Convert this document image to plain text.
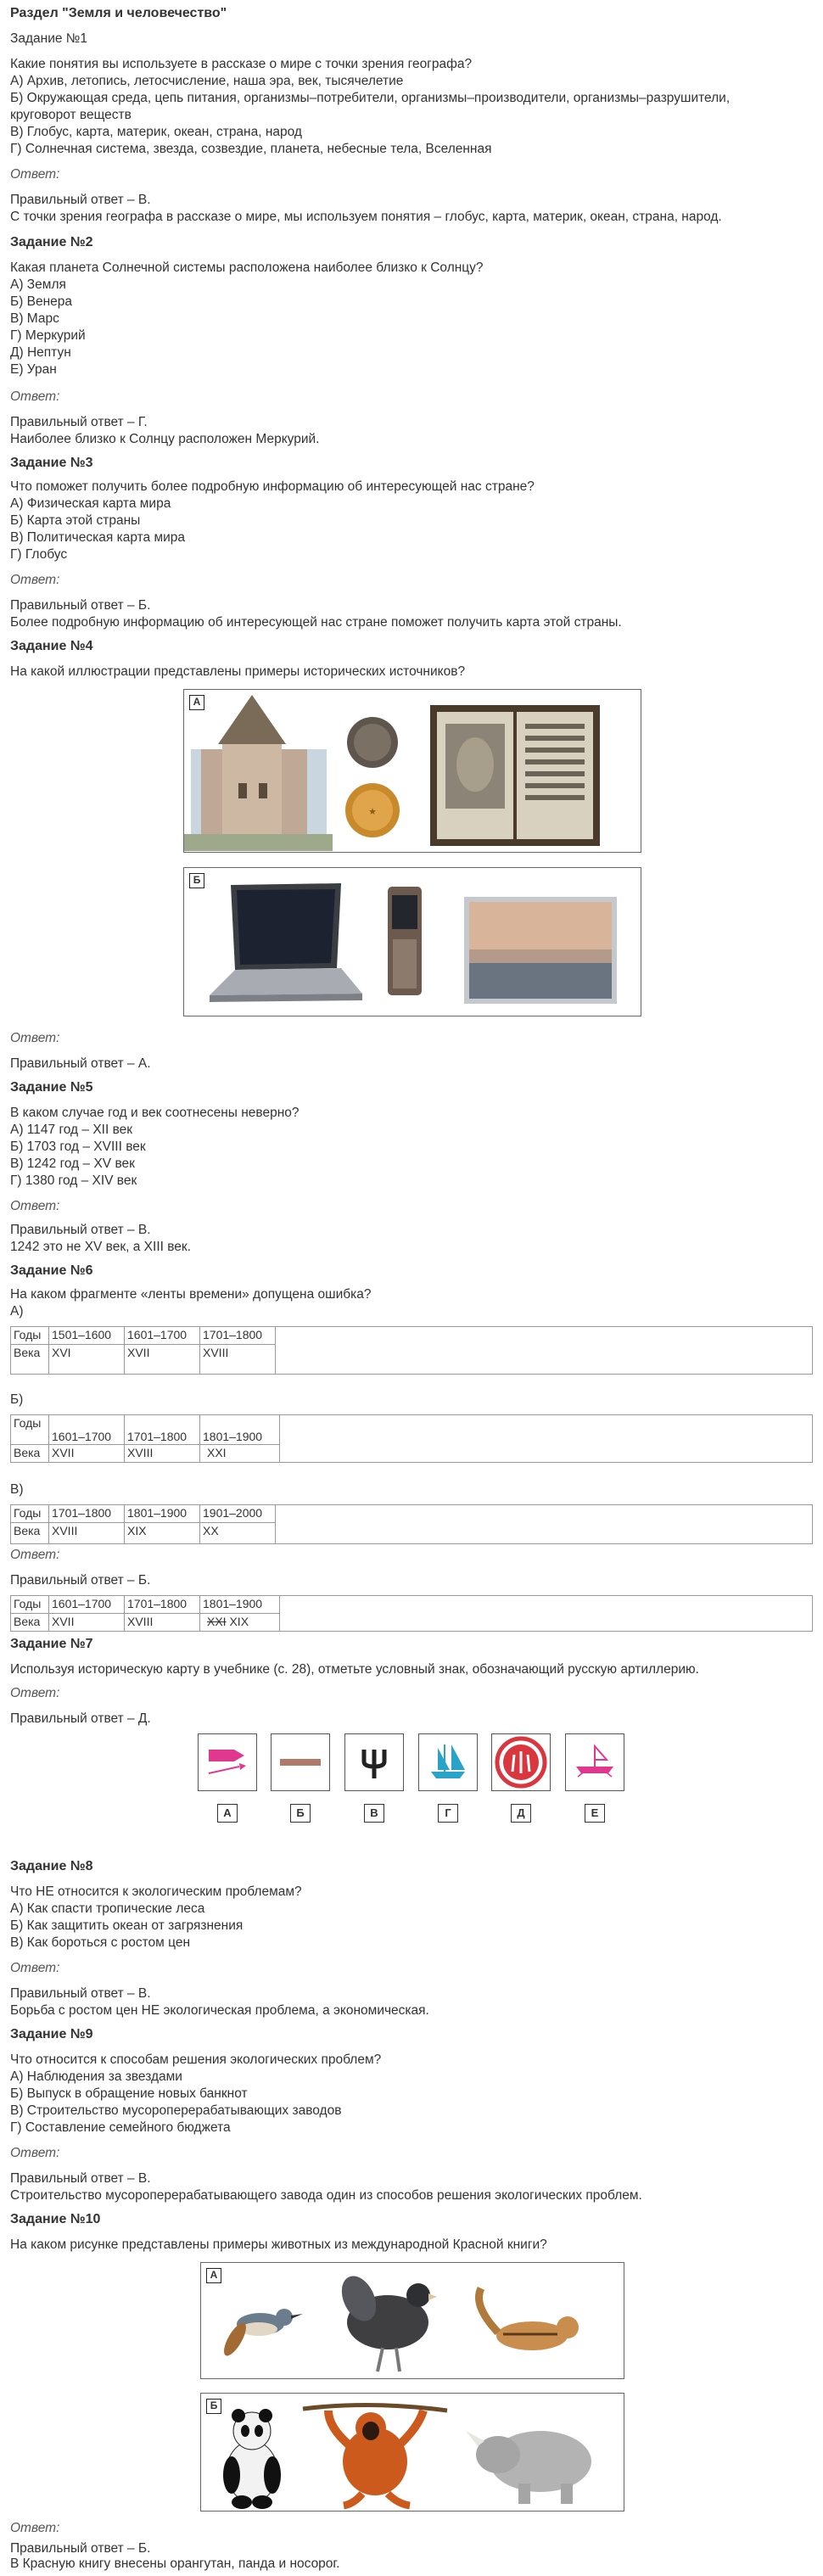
Раздел "Земля и человечество"

Задание №1

Какие понятия вы используете в рассказе о мире с точки зрения географа?

А) Архив, летопись, летосчисление, наша эра, век, тысячелетие

Б) Окружающая среда, цепь питания, организмы–потребители, организмы–производители, организмы–разрушители,

круговорот веществ

В) Глобус, карта, материк, океан, страна, народ

Г) Солнечная система, звезда, созвездие, планета, небесные тела, Вселенная

Ответ:

Правильный ответ – В.

С точки зрения географа в рассказе о мире, мы используем понятия – глобус, карта, материк, океан, страна, народ.

Задание №2

Какая планета Солнечной системы расположена наиболее близко к Солнцу?

А) Земля

Б) Венера

В) Марс

Г) Меркурий

Д) Нептун

Е) Уран

Ответ:

Правильный ответ – Г.

Наиболее близко к Солнцу расположен Меркурий.

Задание №3

Что поможет получить более подробную информацию об интересующей нас стране?

А) Физическая карта мира

Б) Карта этой страны

В) Политическая карта мира

Г) Глобус

Ответ:

Правильный ответ – Б.

Более подробную информацию об интересующей нас стране поможет получить карта этой страны.

Задание №4

На какой иллюстрации представлены примеры исторических источников?

А
★
Б

Ответ:

Правильный ответ – А.

Задание №5

В каком случае год и век соотнесены неверно?

А) 1147 год – XII век

Б) 1703 год – XVIII век

В) 1242 год – XV век

Г) 1380 год – XIV век

Ответ:

Правильный ответ – В.

1242 это не XV век, а XIII век.

Задание №6

На каком фрагменте «ленты времени» допущена ошибка?

А)

Годы	1501–1600	1601–1700	1701–1800	
Века	XVI	XVII	XVIII	

Б)

Годы	1601–1700	1701–1800	1801–1900	
Века	XVII	XVIII	XXI	

В)

Годы	1701–1800	1801–1900	1901–2000	
Века	XVIII	XIX	XX	

Ответ:

Правильный ответ – Б.

Годы	1601–1700	1701–1800	1801–1900	
Века	XVII	XVIII	XXI XIX	

Задание №7

Используя историческую карту в учебнике (с. 28), отметьте условный знак, обозначающий русскую артиллерию.

Ответ:

Правильный ответ – Д.

А	Б	В	Г	Д	Е

Задание №8

Что НЕ относится к экологическим проблемам?

А) Как спасти тропические леса

Б) Как защитить океан от загрязнения

В) Как бороться с ростом цен

Ответ:

Правильный ответ – В.

Борьба с ростом цен НЕ экологическая проблема, а экономическая.

Задание №9

Что относится к способам решения экологических проблем?

А) Наблюдения за звездами

Б) Выпуск в обращение новых банкнот

В) Строительство мусороперерабатывающих заводов

Г) Составление семейного бюджета

Ответ:

Правильный ответ – В.

Строительство мусороперерабатывающего завода один из способов решения экологических проблем.

Задание №10

На каком рисунке представлены примеры животных из международной Красной книги?

А
Б

Ответ:

Правильный ответ – Б.

В Красную книгу внесены орангутан, панда и носорог.
